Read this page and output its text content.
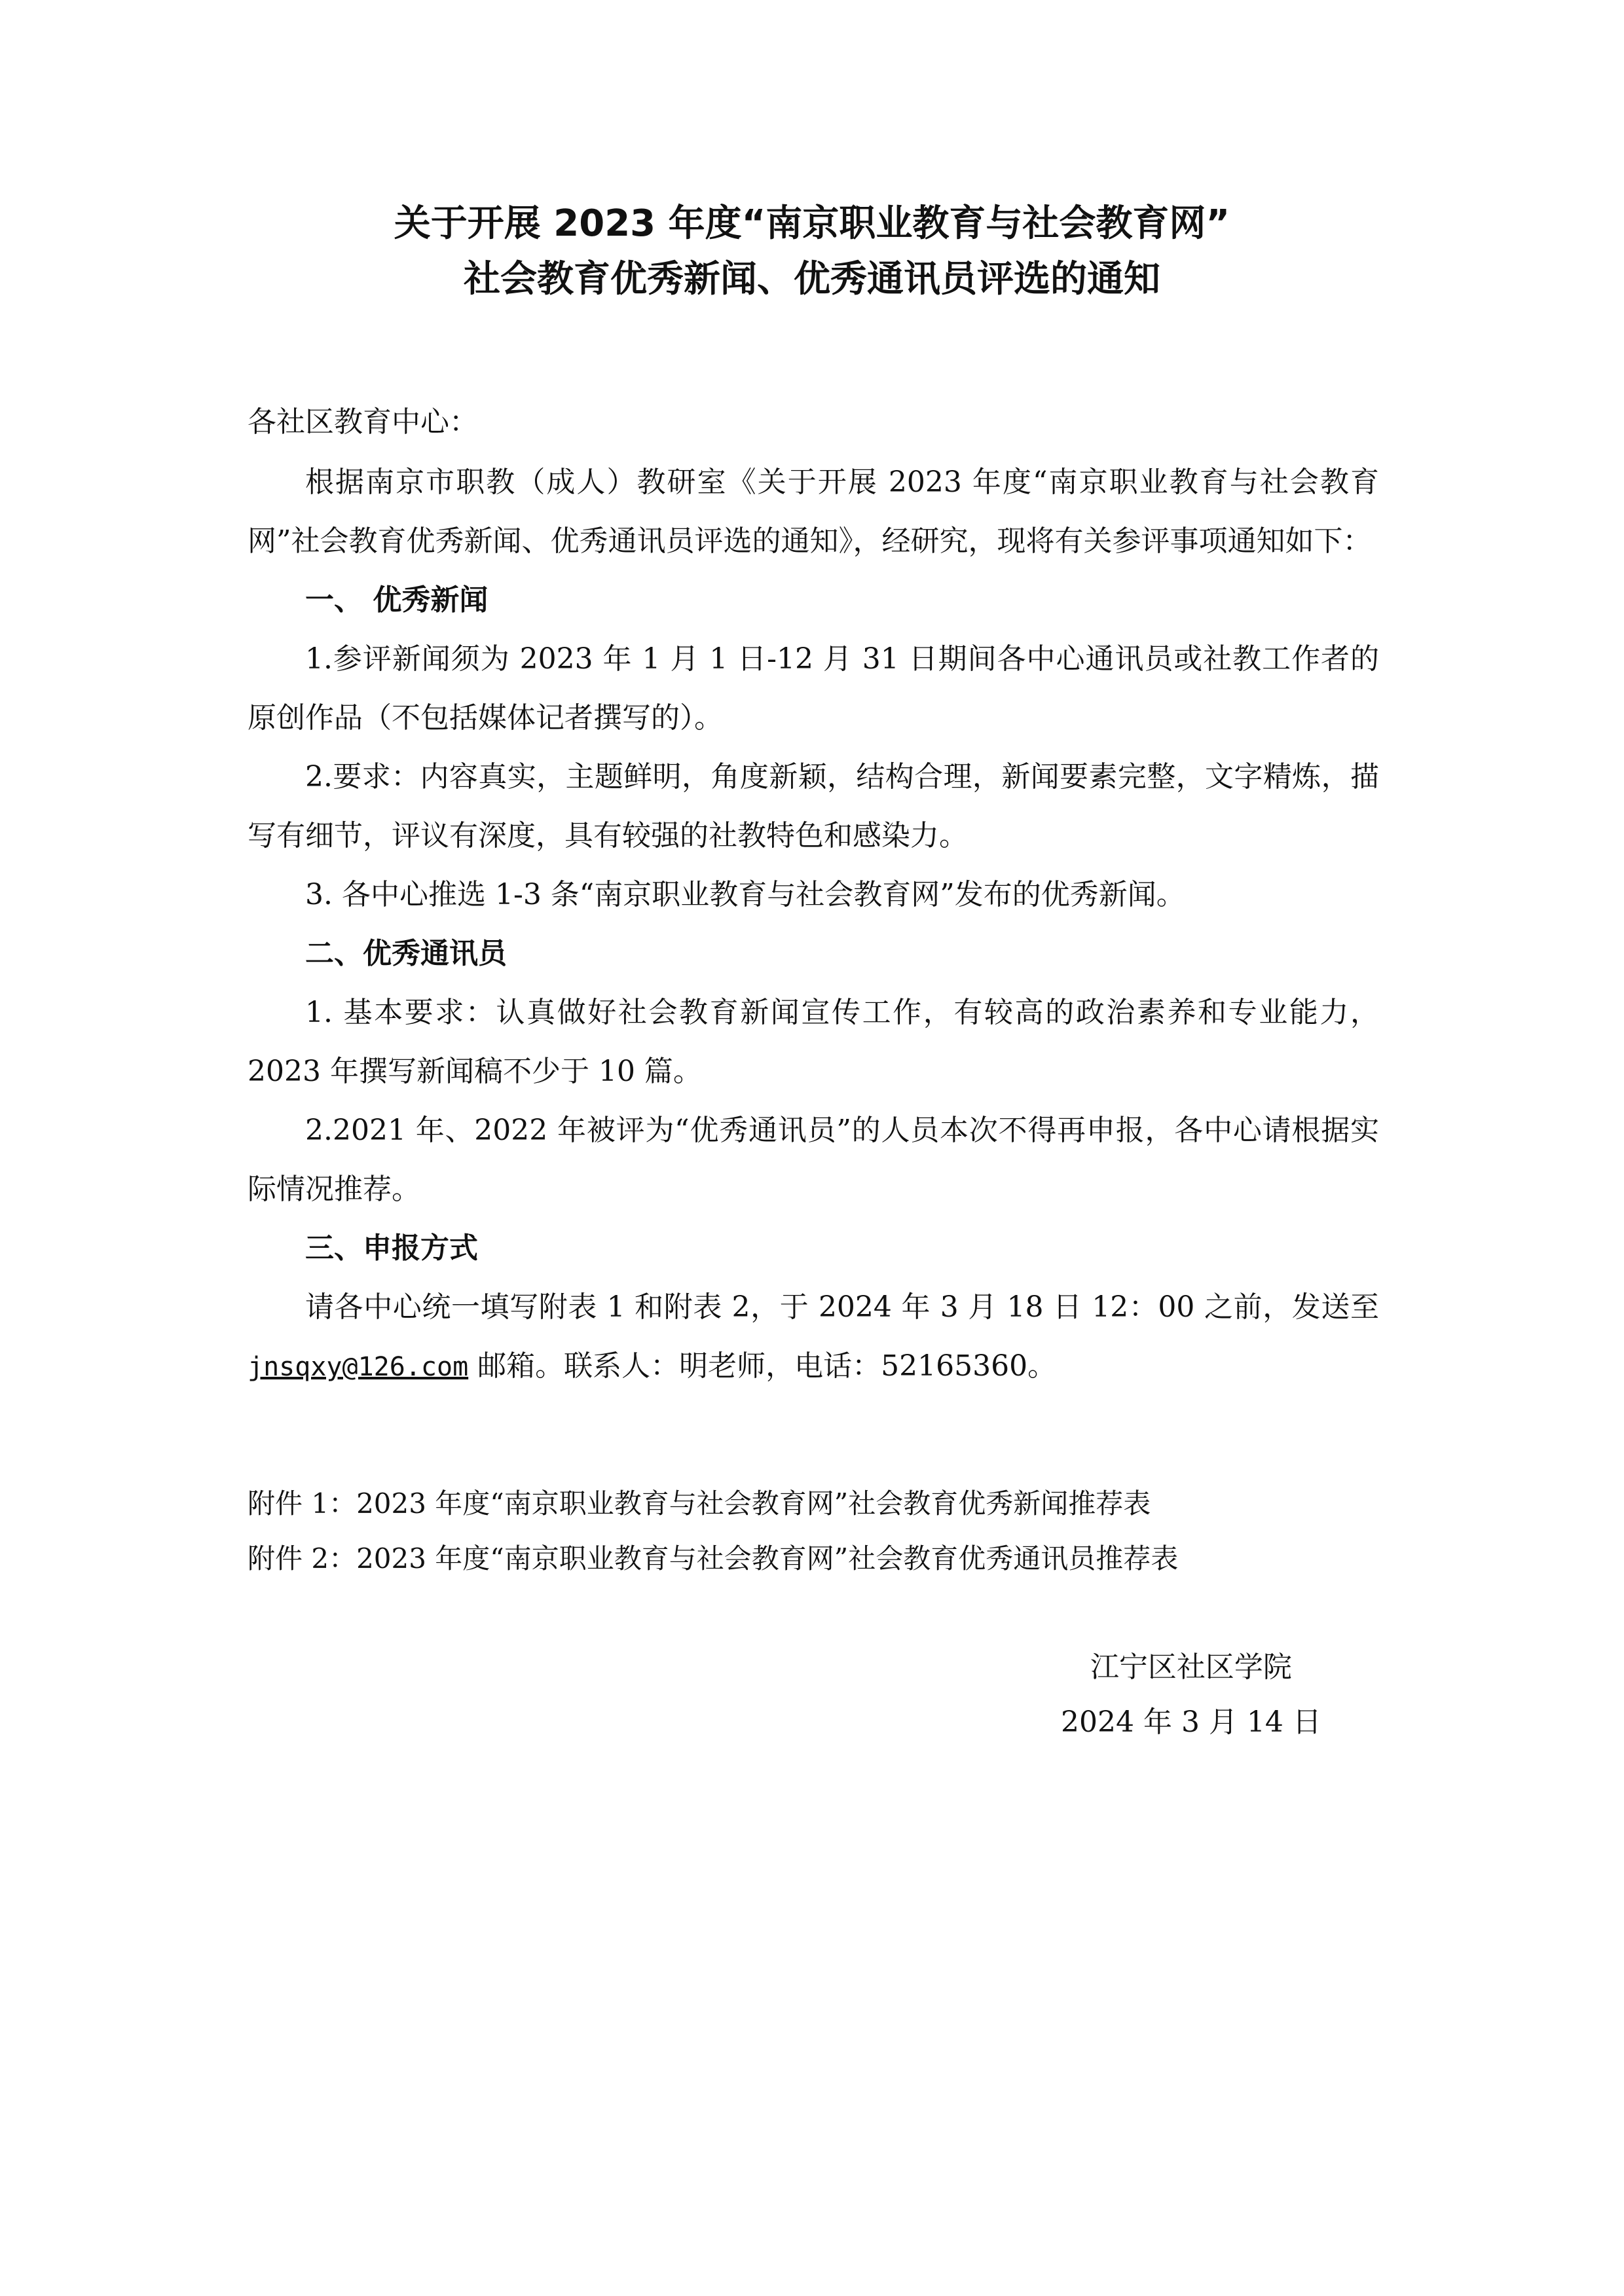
关于开展 2023 年度“南京职业教育与社会教育网”
社会教育优秀新闻、优秀通讯员评选的通知
各社区教育中心：

根据南京市职教（成人）教研室《关于开展 2023 年度“南京职业教育与社会教育网”社会教育优秀新闻、优秀通讯员评选的通知》，经研究，现将有关参评事项通知如下：

一、 优秀新闻

1.参评新闻须为 2023 年 1 月 1 日-12 月 31 日期间各中心通讯员或社教工作者的原创作品（不包括媒体记者撰写的）。

2.要求：内容真实，主题鲜明，角度新颖，结构合理，新闻要素完整，文字精炼，描写有细节，评议有深度，具有较强的社教特色和感染力。

3. 各中心推选 1-3 条“南京职业教育与社会教育网”发布的优秀新闻。

二、优秀通讯员

1. 基本要求：认真做好社会教育新闻宣传工作，有较高的政治素养和专业能力，2023 年撰写新闻稿不少于 10 篇。

2.2021 年、2022 年被评为“优秀通讯员”的人员本次不得再申报，各中心请根据实际情况推荐。

三、申报方式

请各中心统一填写附表 1 和附表 2，于 2024 年 3 月 18 日 12：00 之前，发送至 jnsqxy@126.com 邮箱。联系人：明老师，电话：52165360。

附件 1：2023 年度“南京职业教育与社会教育网”社会教育优秀新闻推荐表
附件 2：2023 年度“南京职业教育与社会教育网”社会教育优秀通讯员推荐表
江宁区社区学院
2024 年 3 月 14 日
